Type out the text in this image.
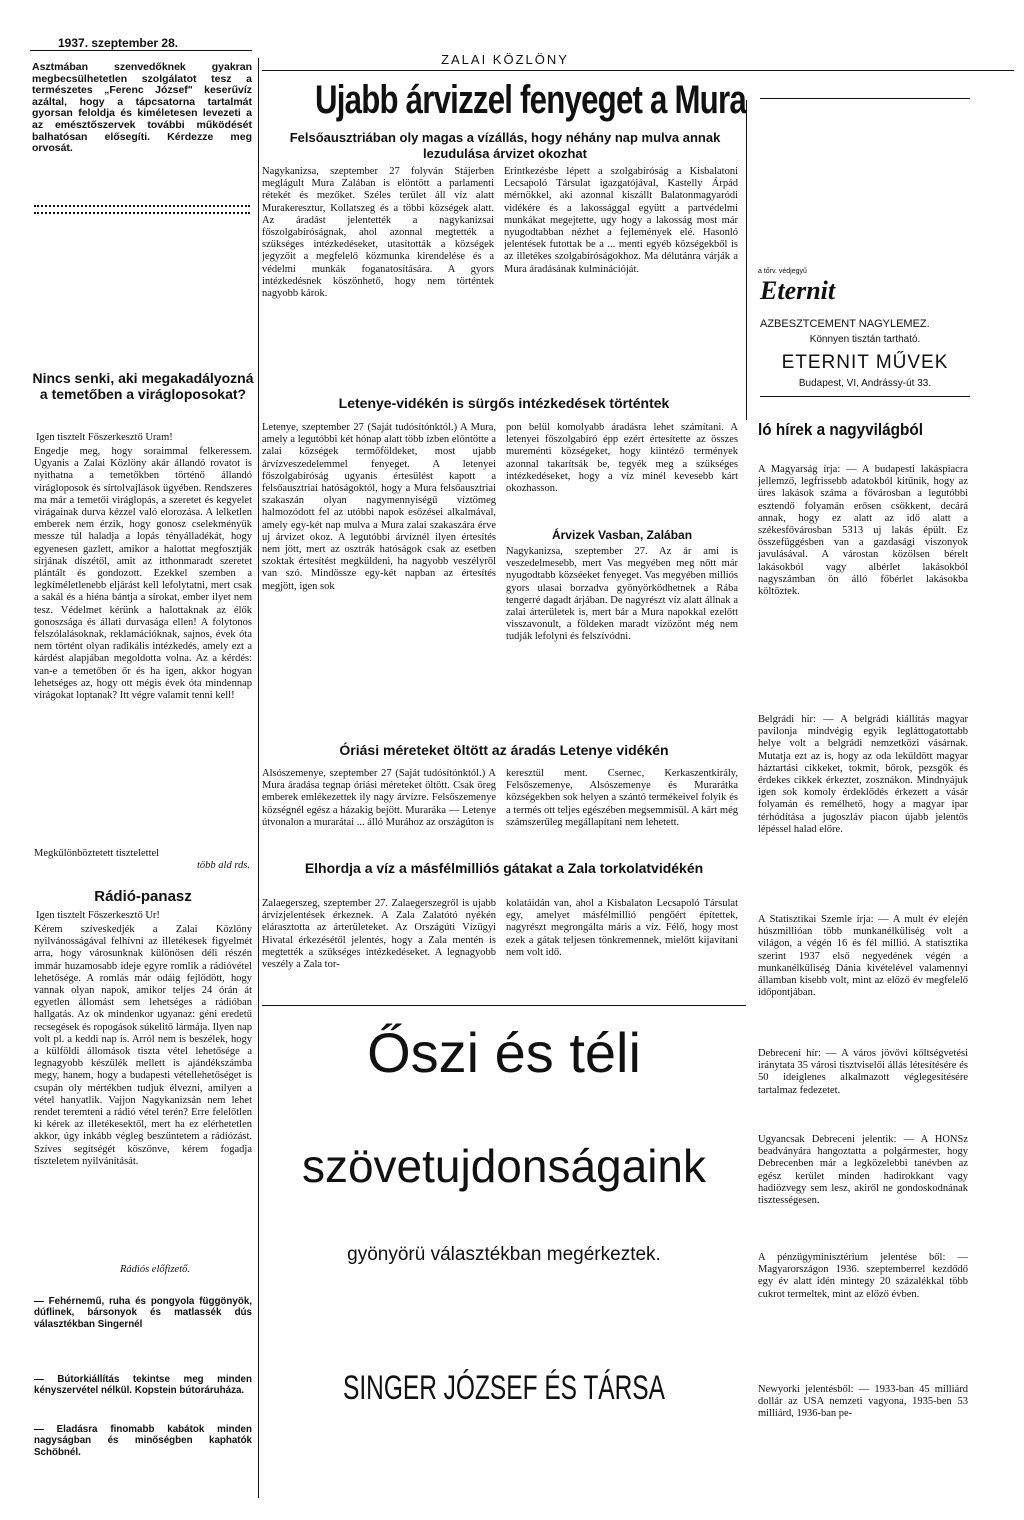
1937. szeptember 28.
ZALAI KÖZLÖNY
Asztmában szenvedőknek gyakran megbecsülhetetlen szolgálatot tesz a természetes „Ferenc József" keserűvíz azáltal, hogy a tápcsatorna tartalmát gyorsan feloldja és kiméletesen levezeti a az emésztőszervek további működését balhatósan elősegíti. Kérdezze meg orvosát.
Nincs senki, aki megakadályozná a temetőben a virágloposokat?
Igen tisztelt Főszerkesztő Uram!
Engedje meg, hogy soraimmal felkeressem. Ugyanis a Zalai Közlöny akár állandó rovatot is nyithatna a temetőkben történő állandó virágloposok és sírtolvajlások ügyében. Rendszeres ma már a temetői viráglopás, a szeretet és kegyelet virágainak durva kézzel való elorozása. A lelketlen emberek nem érzik, hogy gonosz cselekményük messze túl haladja a lopás tényálladékát, hogy egyenesen gazlett, amikor a halottat megfosztják sírjának díszétől, amit az itthonmaradt szeretet plántált és gondozott. Ezekkel szemben a legkíméletlenebb eljárást kell lefolytatni, mert csak a sakál és a hiéna bántja a sírokat, ember ilyet nem tesz. Védelmet kérünk a halottaknak az élők gonoszsága és állati durvasága ellen! A folytonos felszólalásoknak, reklamációknak, sajnos, évek óta nem történt olyan radikális intézkedés, amely ezt a kárdést alapjában megoldotta volna. Az a kérdés: van-e a temetőben őr és ha igen, akkor hogyan lehetséges az, hogy ott mégis évek óta mindennap virágokat loptanak? Itt végre valamit tenni kell!
Megkülönböztetett tisztelettel
több ald rds.
Rádió-panasz
Igen tisztelt Főszerkesztő Úr!
Kérem szíveskedjék a Zalai Közlöny nyilvánosságával felhívni az illetékesek figyelmét arra, hogy városunknak különösen déli részén immár huzamosabb ideje egyre romlik a rádióvétel lehetősége. A romlás már odáig fejlődött, hogy vannak olyan napok, amikor teljes 24 órán át egyetlen állomást sem lehetséges a rádióban hallgatás. Az ok mindenkor ugyanaz: géni eredetű recsegések és ropogások súkelitő lármája. Ilyen nap volt pl. a keddi nap is. Arról nem is beszélek, hogy a külföldi állomások tiszta vétel lehetősége a legnagyobb készülék mellett is ajándékszámba megy, hanem, hogy a budapesti vétellehetőséget is csupán oly mértékben tudjuk élvezni, amilyen a vétel hanyatlik. Vajjon Nagykanizsán nem lehet rendet teremteni a rádió vétel terén? Erre felelőtlen ki kérek az illetékesektől, mert ha ez elérhetetlen akkor, úgy inkább végleg beszüntetem a rádiózást. Szíves segítségét köszönve, kérem fogadja tiszteletem nyilvánítását.
Rádiós előfizető.
— Fehérnemű, ruha és pongyola függönyök, dúflinek, bársonyok és matlassék dús választékban Singernél
— Bútorkiállítás tekintse meg minden kényszervétel nélkül. Kopstein bútoráruháza.
— Eladásra finomabb kabátok minden nagyságban és minőségben kaphatók Schöbnél.
Ujabb árvizzel fenyeget a Mura
Felsőausztriában oly magas a vízállás, hogy néhány nap mulva annak lezudulása árvizet okozhat
Nagykanizsa, szeptember 27 folyván Stájerben meglágult Mura Zalában is elöntött a parlamenti rétekét és mezőket. Széles terület áll víz alatt Murakeresztur, Kollatszeg és a többi községek alatt. Az áradást jelentették a nagykanizsai főszolgabíróságnak, ahol azonnal megtették a szükséges intézkedéseket, utasították a községek jegyzőit a megfelelő közmunka kirendelése és a védelmi munkák foganatosítására. A gyors intézkedésnek köszönhető, hogy nem történtek nagyobb károk.
Érintkezésbe lépett a szolgabíróság a Kisbalatoni Lecsapoló Társulat igazgatójával, Kastelly Árpád mérnökkel, aki azonnal kiszállt Balatonmagyaródi vidékére és a lakossággal együtt a partvédelmi munkákat megejtette, ugy hogy a lakosság most már nyugodtabban nézhet a fejlemények elé. Hasonló jelentések futottak be a ... menti egyéb községekből is az illetékes szolgabíróságokhoz. Ma délutánra várják a Mura áradásának kulminációját.
Letenye-vidékén is sürgős intézkedések történtek
Letenye, szeptember 27 (Saját tudósítónktól.) A Mura, amely a legutóbbi két hónap alatt több ízben elöntötte a zalai községek termőföldeket, most ujabb árvízveszedelemmel fenyeget. A letenyei főszolgabíróság ugyanis értesülést kapott a felsőausztriai hatóságoktól, hogy a Mura felsőausztriai szakaszán olyan nagymennyiségű víztömeg halmozódott fel az utóbbi napok esőzései alkalmával, amely egy-két nap mulva a Mura zalai szakaszára érve uj árvizet okoz. A legutóbbi árvíznél ilyen értesítés nem jött, mert az osztrák hatóságok csak az esetben szoktak értesítést megküldeni, ha nagyobb veszélyről van szó. Mindössze egy-két napban az értesítés megjött, igen sok
pon belül komolyabb áradásra lehet számítani. A letenyei főszolgabíró épp ezért értesítette az összes mureménti községeket, hogy kiintéző termények azonnal takarítsák be, tegyék meg a szükséges intézkedéseket, hogy a víz minél kevesebb kárt okozhasson.
Árvizek Vasban, Zalában
Nagykanizsa, szeptember 27. Az ár ami is veszedelmesebb, mert Vas megyében meg nőtt már nyugodtabb közséeket fenyeget. Vas megyében milliós gyors ulasai borzadva gyönyörködhetnek a Rába tengerré dagadt árjában. De nagyrészt víz alatt állnak a zalai árterületek is, mert bár a Mura napokkal ezelőtt visszavonult, a földeken maradt vízözönt még nem tudják lefolyni és felszívódni.
Óriási méreteket öltött az áradás Letenye vidékén
Alsószemenye, szeptember 27 (Saját tudósítónktól.) A Mura áradása tegnap óriási méreteket öltött. Csak öreg emberek emlékezettek ily nagy árvízre. Felsőszemenye községnél egész a házakig bejött. Muraráka — Letenye útvonalon a murarátai ... álló Murához az országúton is
keresztül ment. Csernec, Kerkaszentkirály, Felsőszemenye, Alsószemenye és Murarátka községekben sok helyen a szántó termékeivel folyik és a termés ott teljes egészében megsemmisül. A kárt még számszerűleg megállapítani nem lehetett.
Elhordja a víz a másfélmilliós gátakat a Zala torkolatvidékén
Zalaegerszeg, szeptember 27. Zalaegerszegről is ujabb árvízjelentések érkeznek. A Zala Zalatótó nyékén elárasztotta az árterületeket. Az Országúti Vízügyi Hivatal érkezésétől jelentés, hogy a Zala mentén is megtették a szükséges intézkedéseket. A legnagyobb veszély a Zala tor-
kolatáidán van, ahol a Kisbalaton Lecsapoló Társulat egy, amelyet másfélmillió pengőért építettek, nagyrészt megrongálta máris a víz. Félő, hogy most ezek a gátak teljesen tönkremennek, mielőtt kijavítani nem volt idő.
Őszi és téli
szövetujdonságaink
gyönyörü választékban megérkeztek.
SINGER JÓZSEF ÉS TÁRSA
a tőrv. védjegyű
Eternit
AZBESZTCEMENT NAGYLEMEZ.
Könnyen tisztán tartható.
ETERNIT MŰVEK
Budapest, VI, Andrássy-út 33.
ló hírek a nagyvilágból
A Magyarság írja: — A budapesti lakáspiacra jellemző, legfrissebb adatokból kitűnik, hogy az üres lakások száma a fővárosban a legutóbbi esztendő folyamán erősen csökkent, decárá annak, hogy ez alatt az idő alatt a székesfővárosban 5313 uj lakás épült. Ez összefüggésben van a gazdasági viszonyok javulásával. A várostan közölsen bérelt lakásokból vagy albérlet lakásokból nagyszámban ön álló főbérlet lakásokba költöztek.
Belgrádi hír: — A belgrádi kiállítás magyar pavilonja mindvégig egyik legláttogatottabb helye volt a belgrádi nemzetközi vásárnak. Mutatja ezt az is, hogy az oda lekűldött magyar háztartási cikkeket, tokmit, bőrok, pezsgők és érdekes cikkek érkeztet, zosznákon. Mindnyájuk igen sok komoly érdeklődés érkezett a vásár folyamán és remélhető, hogy a magyar ipar térhódítása a jugoszláv piacon újabb jelentős lépéssel halad előre.
A Statisztikai Szemle írja: — A mult év elején húszmillióan több munkanélküliség volt a világon, a végén 16 és fél millió. A statisztika szerint 1937 első negyedének végén a munkanélküliség Dánia kivételével valamennyi államban kisebb volt, mint az előző év megfelelő időpontjában.
Debreceni hír: — A város jövővi költségvetési iránytata 35 városi tisztviselői állás létesítésére és 50 ideiglenes alkalmazott véglegesítésére tartalmaz fedezetet.
Ugyancsak Debreceni jelentik: — A HONSz beadványára hangoztatta a polgármester, hogy Debrecenben már a legközelebbi tanévben az egész kerület minden hadirokkant vagy hadiözvegy sem lesz, akiről ne gondoskodnának tisztességesen.
A pénzügyminisztérium jelentése ből: — Magyarországon 1936. szeptemberrel kezdődő egy év alatt idén mintegy 20 százalékkal több cukrot termeltek, mint az előző évben.
Newyorki jelentésből: — 1933-ban 45 milliárd dollár az USA nemzeti vagyona, 1935-ben 53 milliárd, 1936-ban pe-
